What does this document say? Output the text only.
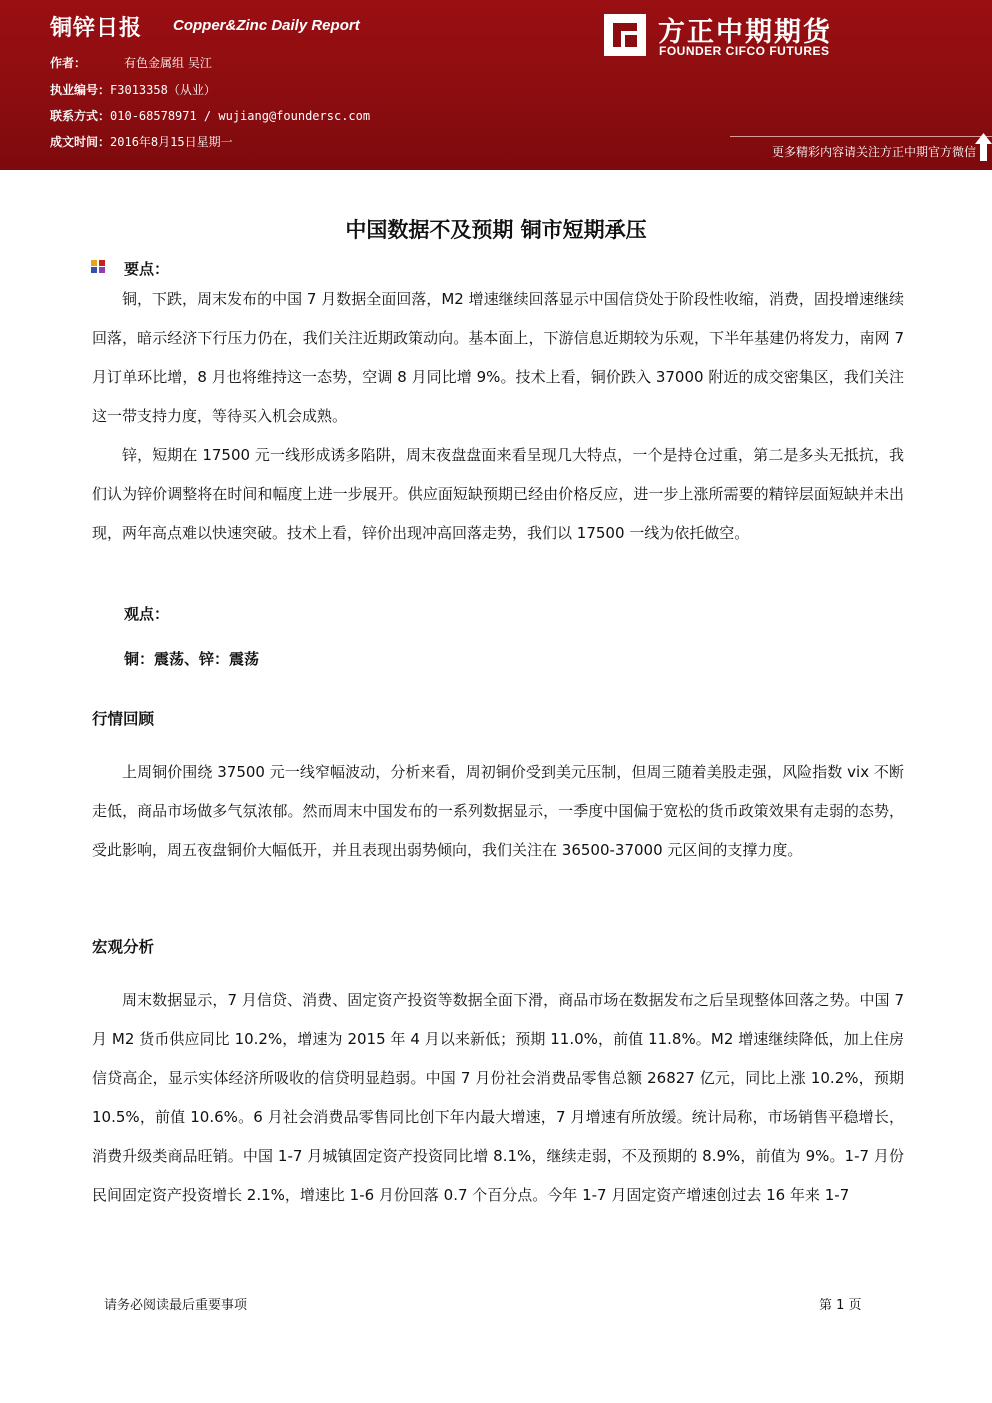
铜锌日报 Copper&Zinc Daily Report
作者：	有色金属组 吴江
执业编号：F3013358（从业）
联系方式：010-68578971 / wujiang@foundersc.com
成文时间：2016年8月15日星期一
方正中期期货
FOUNDER CIFCO FUTURES
更多精彩内容请关注方正中期官方微信
中国数据不及预期 铜市短期承压
要点：

铜，下跌，周末发布的中国 7 月数据全面回落，M2 增速继续回落显示中国信贷处于阶段性收缩，消费，固投增速继续回落，暗示经济下行压力仍在，我们关注近期政策动向。基本面上，下游信息近期较为乐观，下半年基建仍将发力，南网 7 月订单环比增，8 月也将维持这一态势，空调 8 月同比增 9%。技术上看，铜价跌入 37000 附近的成交密集区，我们关注这一带支持力度，等待买入机会成熟。

锌，短期在 17500 元一线形成诱多陷阱，周末夜盘盘面来看呈现几大特点，一个是持仓过重，第二是多头无抵抗，我们认为锌价调整将在时间和幅度上进一步展开。供应面短缺预期已经由价格反应，进一步上涨所需要的精锌层面短缺并未出现，两年高点难以快速突破。技术上看，锌价出现冲高回落走势，我们以 17500 一线为依托做空。

观点：
铜：震荡、锌：震荡
行情回顾

上周铜价围绕 37500 元一线窄幅波动，分析来看，周初铜价受到美元压制，但周三随着美股走强，风险指数 vix 不断走低，商品市场做多气氛浓郁。然而周末中国发布的一系列数据显示，一季度中国偏于宽松的货币政策效果有走弱的态势，受此影响，周五夜盘铜价大幅低开，并且表现出弱势倾向，我们关注在 36500-37000 元区间的支撑力度。

宏观分析

周末数据显示，7 月信贷、消费、固定资产投资等数据全面下滑，商品市场在数据发布之后呈现整体回落之势。中国 7 月 M2 货币供应同比 10.2%，增速为 2015 年 4 月以来新低；预期 11.0%，前值 11.8%。M2 增速继续降低，加上住房信贷高企，显示实体经济所吸收的信贷明显趋弱。中国 7 月份社会消费品零售总额 26827 亿元，同比上涨 10.2%，预期 10.5%，前值 10.6%。6 月社会消费品零售同比创下年内最大增速，7 月增速有所放缓。统计局称，市场销售平稳增长，消费升级类商品旺销。中国 1-7 月城镇固定资产投资同比增 8.1%，继续走弱，不及预期的 8.9%，前值为 9%。1-7 月份民间固定资产投资增长 2.1%，增速比 1-6 月份回落 0.7 个百分点。今年 1-7 月固定资产增速创过去 16 年来 1-7

请务必阅读最后重要事项	第 1 页
